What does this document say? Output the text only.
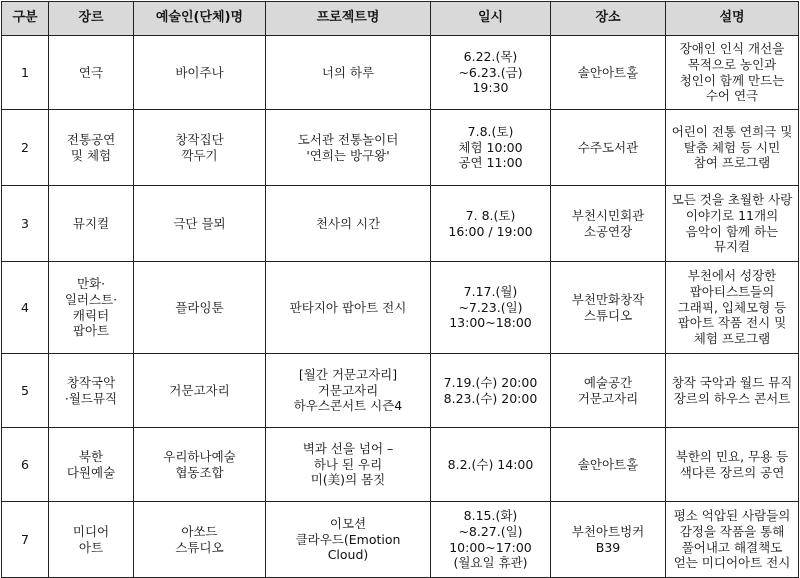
구분	장르	예술인(단체)명	프로젝트명	일시	장소	설명
1	연극	바이주나	너의 하루	6.22.(목)
~6.23.(금)
19:30	솔안아트홀	장애인 인식 개선을
목적으로 농인과
청인이 함께 만드는
수어 연극
2	전통공연
및 체험	창작집단
깍두기	도서관 전통놀이터
'연희는 방구왕'	7.8.(토)
체험 10:00
공연 11:00	수주도서관	어린이 전통 연희극 및
탈춤 체험 등 시민
참여 프로그램
3	뮤지컬	극단 믈뫼	천사의 시간	7. 8.(토)
16:00 / 19:00	부천시민회관
소공연장	모든 것을 초월한 사랑
이야기로 11개의
음악이 함께 하는
뮤지컬
4	만화·
일러스트·
캐릭터
팝아트	플라잉툰	판타지아 팝아트 전시	7.17.(월)
~7.23.(일)
13:00~18:00	부천만화창작
스튜디오	부천에서 성장한
팝아티스트들의
그래픽, 입체모형 등
팝아트 작품 전시 및
체험 프로그램
5	창작국악
·월드뮤직	거문고자리	[월간 거문고자리]
거문고자리
하우스콘서트 시즌4	7.19.(수) 20:00
8.23.(수) 20:00	예술공간
거문고자리	창작 국악과 월드 뮤직
장르의 하우스 콘서트
6	북한
다원예술	우리하나예술
협동조합	벽과 선을 넘어 –
하나 된 우리
미(美)의 몸짓	8.2.(수) 14:00	솔안아트홀	북한의 민요, 무용 등
색다른 장르의 공연
7	미디어
아트	아쏘드
스튜디오	이모션
클라우드(Emotion
Cloud)	8.15.(화)
~8.27.(일)
10:00~17:00
(월요일 휴관)	부천아트벙커
B39	평소 억압된 사람들의
감정을 작품을 통해
풀어내고 해결책도
얻는 미디어아트 전시
